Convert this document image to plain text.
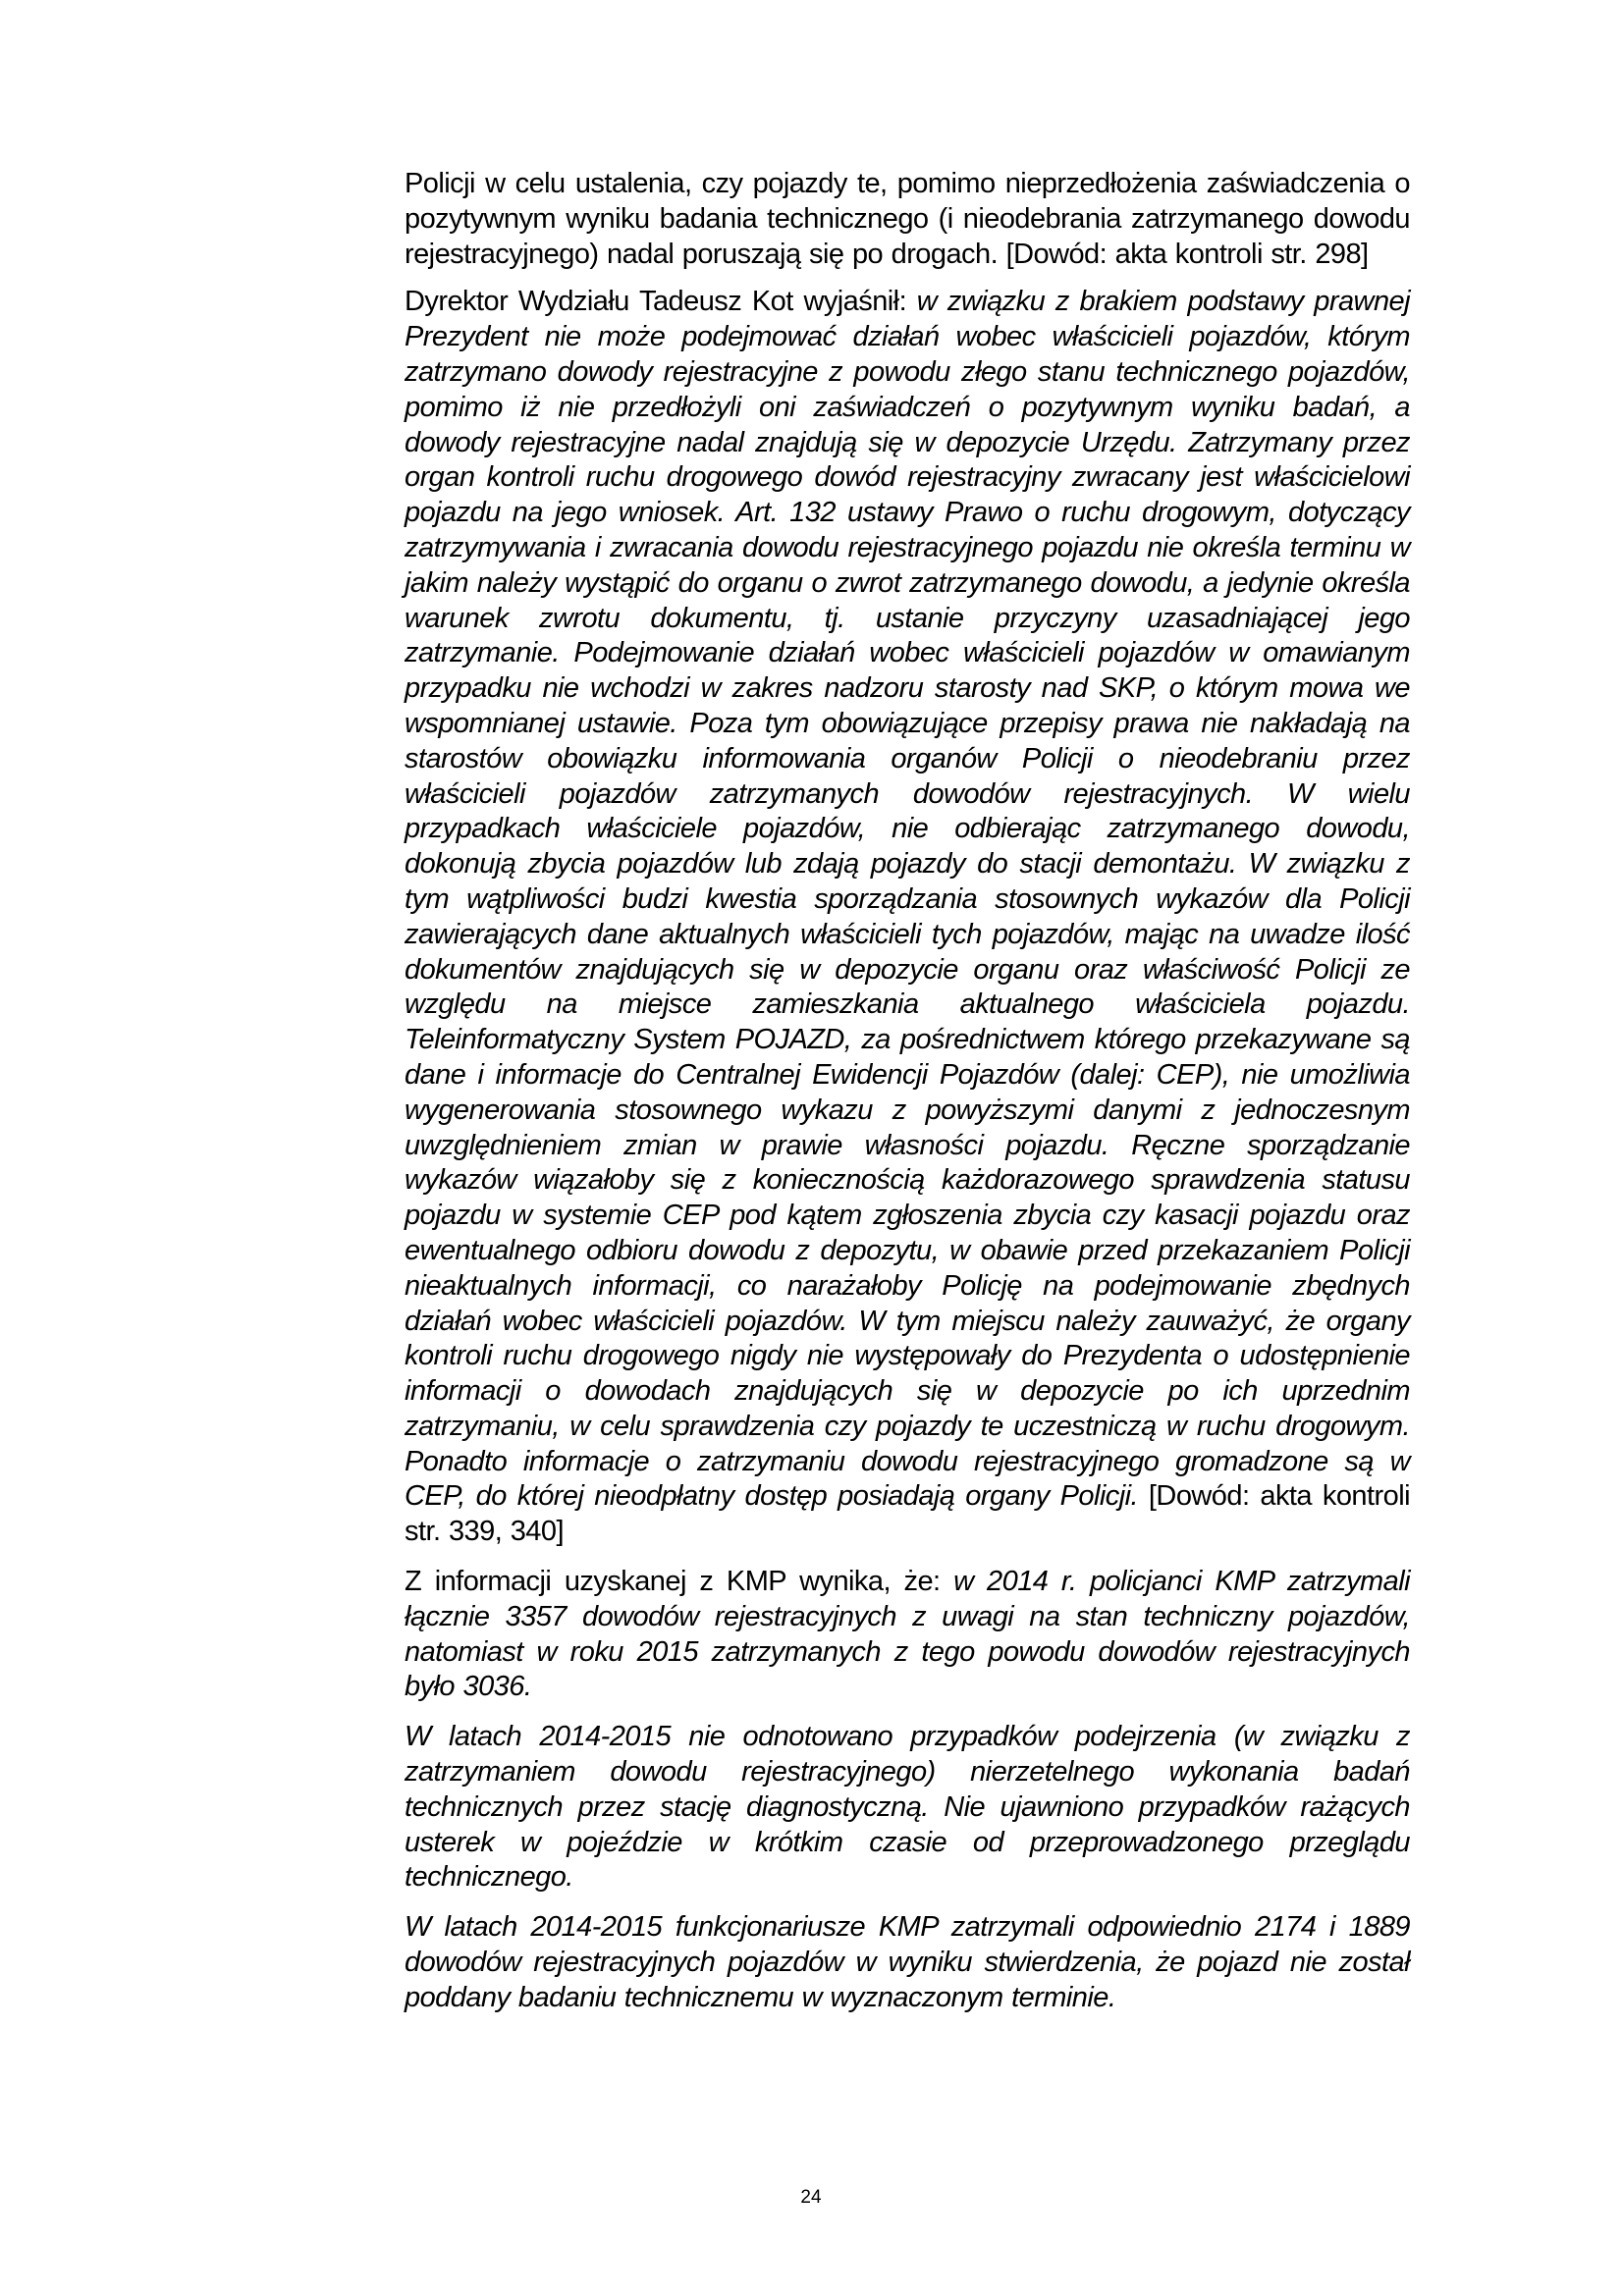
Policji w celu ustalenia, czy pojazdy te, pomimo nieprzedłożenia zaświadczenia o pozytywnym wyniku badania technicznego (i nieodebrania zatrzymanego dowodu rejestracyjnego) nadal poruszają się po drogach. [Dowód: akta kontroli str. 298]

Dyrektor Wydziału Tadeusz Kot wyjaśnił: w związku z brakiem podstawy prawnej Prezydent nie może podejmować działań wobec właścicieli pojazdów, którym zatrzymano dowody rejestracyjne z powodu złego stanu technicznego pojazdów, pomimo iż nie przedłożyli oni zaświadczeń o pozytywnym wyniku badań, a dowody rejestracyjne nadal znajdują się w depozycie Urzędu. Zatrzymany przez organ kontroli ruchu drogowego dowód rejestracyjny zwracany jest właścicielowi pojazdu na jego wniosek. Art. 132 ustawy Prawo o ruchu drogowym, dotyczący zatrzymywania i zwracania dowodu rejestracyjnego pojazdu nie określa terminu w jakim należy wystąpić do organu o zwrot zatrzymanego dowodu, a jedynie określa warunek zwrotu dokumentu, tj. ustanie przyczyny uzasadniającej jego zatrzymanie. Podejmowanie działań wobec właścicieli pojazdów w omawianym przypadku nie wchodzi w zakres nadzoru starosty nad SKP, o którym mowa we wspomnianej ustawie. Poza tym obowiązujące przepisy prawa nie nakładają na starostów obowiązku informowania organów Policji o nieodebraniu przez właścicieli pojazdów zatrzymanych dowodów rejestracyjnych. W wielu przypadkach właściciele pojazdów, nie odbierając zatrzymanego dowodu, dokonują zbycia pojazdów lub zdają pojazdy do stacji demontażu. W związku z tym wątpliwości budzi kwestia sporządzania stosownych wykazów dla Policji zawierających dane aktualnych właścicieli tych pojazdów, mając na uwadze ilość dokumentów znajdujących się w depozycie organu oraz właściwość Policji ze względu na miejsce zamieszkania aktualnego właściciela pojazdu. Teleinformatyczny System POJAZD, za pośrednictwem którego przekazywane są dane i informacje do Centralnej Ewidencji Pojazdów (dalej: CEP), nie umożliwia wygenerowania stosownego wykazu z powyższymi danymi z jednoczesnym uwzględnieniem zmian w prawie własności pojazdu. Ręczne sporządzanie wykazów wiązałoby się z koniecznością każdorazowego sprawdzenia statusu pojazdu w systemie CEP pod kątem zgłoszenia zbycia czy kasacji pojazdu oraz ewentualnego odbioru dowodu z depozytu, w obawie przed przekazaniem Policji nieaktualnych informacji, co narażałoby Policję na podejmowanie zbędnych działań wobec właścicieli pojazdów. W tym miejscu należy zauważyć, że organy kontroli ruchu drogowego nigdy nie występowały do Prezydenta o udostępnienie informacji o dowodach znajdujących się w depozycie po ich uprzednim zatrzymaniu, w celu sprawdzenia czy pojazdy te uczestniczą w ruchu drogowym. Ponadto informacje o zatrzymaniu dowodu rejestracyjnego gromadzone są w CEP, do której nieodpłatny dostęp posiadają organy Policji. [Dowód: akta kontroli str. 339, 340]

Z informacji uzyskanej z KMP wynika, że: w 2014 r. policjanci KMP zatrzymali łącznie 3357 dowodów rejestracyjnych z uwagi na stan techniczny pojazdów, natomiast w roku 2015 zatrzymanych z tego powodu dowodów rejestracyjnych było 3036.

W latach 2014-2015 nie odnotowano przypadków podejrzenia (w związku z zatrzymaniem dowodu rejestracyjnego) nierzetelnego wykonania badań technicznych przez stację diagnostyczną. Nie ujawniono przypadków rażących usterek w pojeździe w krótkim czasie od przeprowadzonego przeglądu technicznego.

W latach 2014-2015 funkcjonariusze KMP zatrzymali odpowiednio 2174 i 1889 dowodów rejestracyjnych pojazdów w wyniku stwierdzenia, że pojazd nie został poddany badaniu technicznemu w wyznaczonym terminie.

24
